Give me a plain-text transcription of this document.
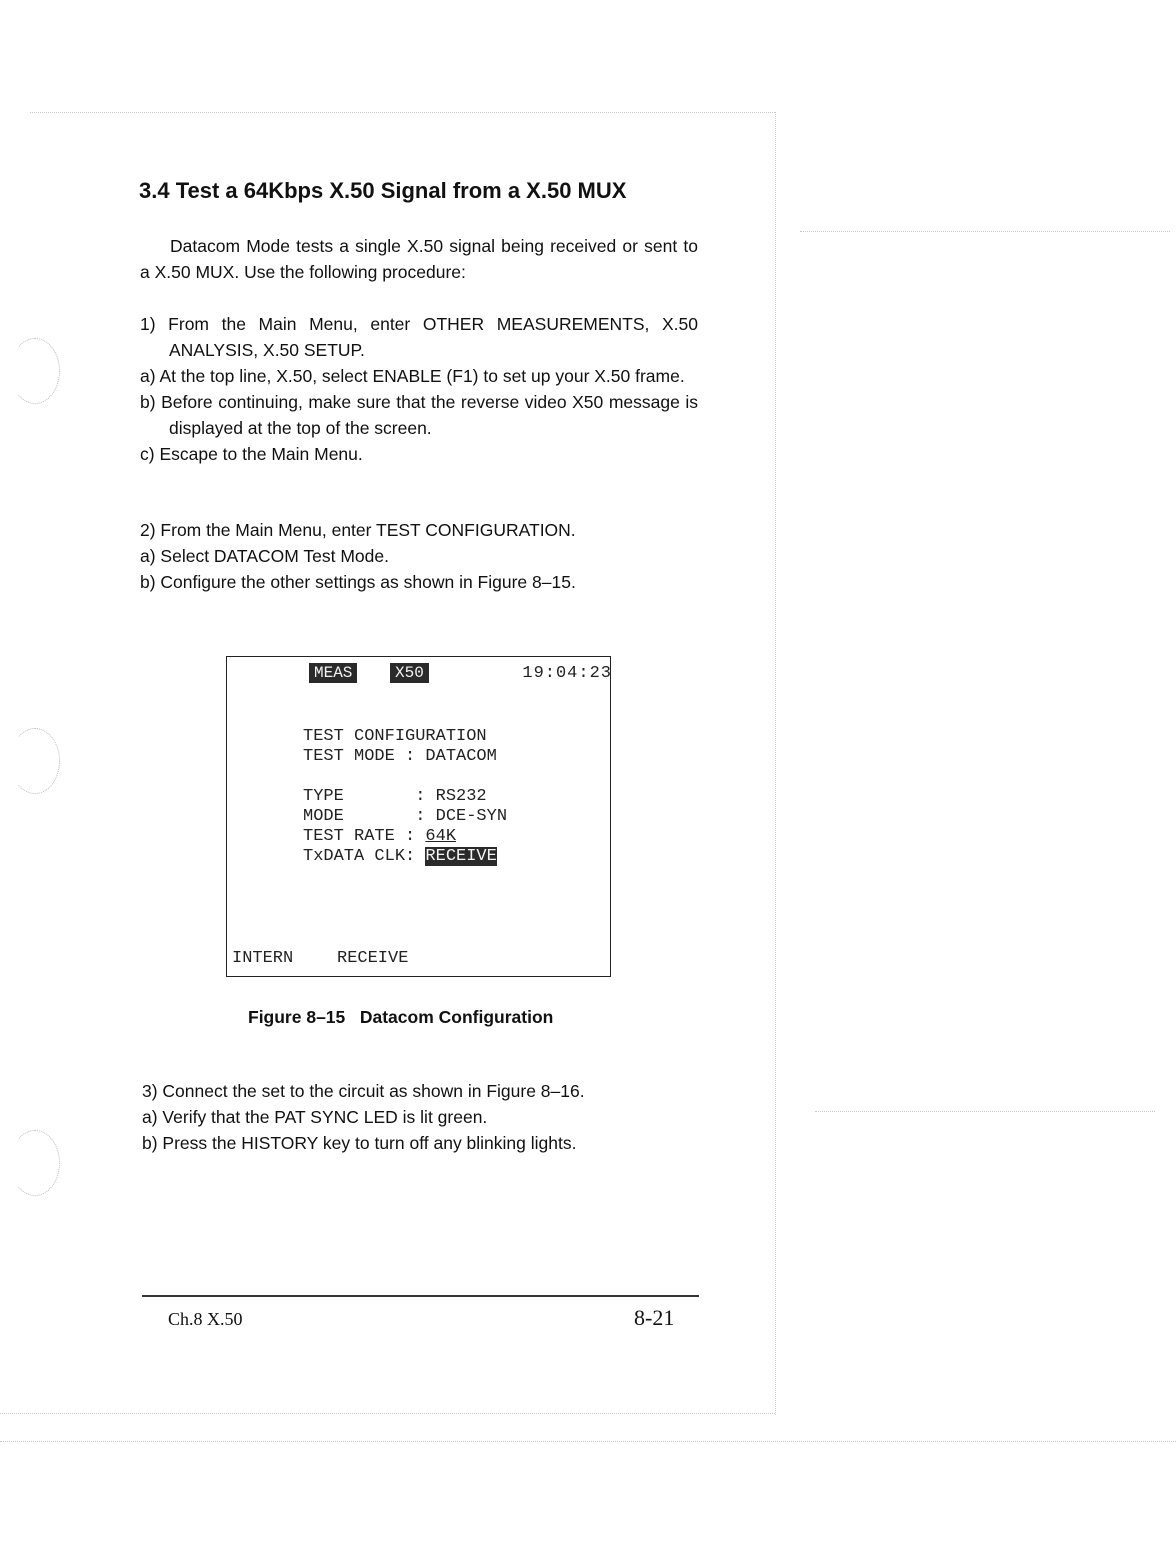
3.4 Test a 64Kbps X.50 Signal from a X.50 MUX

Datacom Mode tests a single X.50 signal being received or sent to a X.50 MUX. Use the following procedure:

1) From the Main Menu, enter OTHER MEASUREMENTS, X.50 ANALYSIS, X.50 SETUP.
a) At the top line, X.50, select ENABLE (F1) to set up your X.50 frame.
b) Before continuing, make sure that the reverse video X50 message is displayed at the top of the screen.
c) Escape to the Main Menu.
2) From the Main Menu, enter TEST CONFIGURATION.
a) Select DATACOM Test Mode.
b) Configure the other settings as shown in Figure 8–15.
MEAS	X50	19:04:23
TEST CONFIGURATION
TEST MODE : DATACOM
TYPE       : RS232
MODE       : DCE-SYN
TEST RATE : 64K
TxDATA CLK: RECEIVE
INTERN	RECEIVE

Figure 8–15   Datacom Configuration

3) Connect the set to the circuit as shown in Figure 8–16.
a) Verify that the PAT SYNC LED is lit green.
b) Press the HISTORY key to turn off any blinking lights.
Ch.8 X.50	8-21
